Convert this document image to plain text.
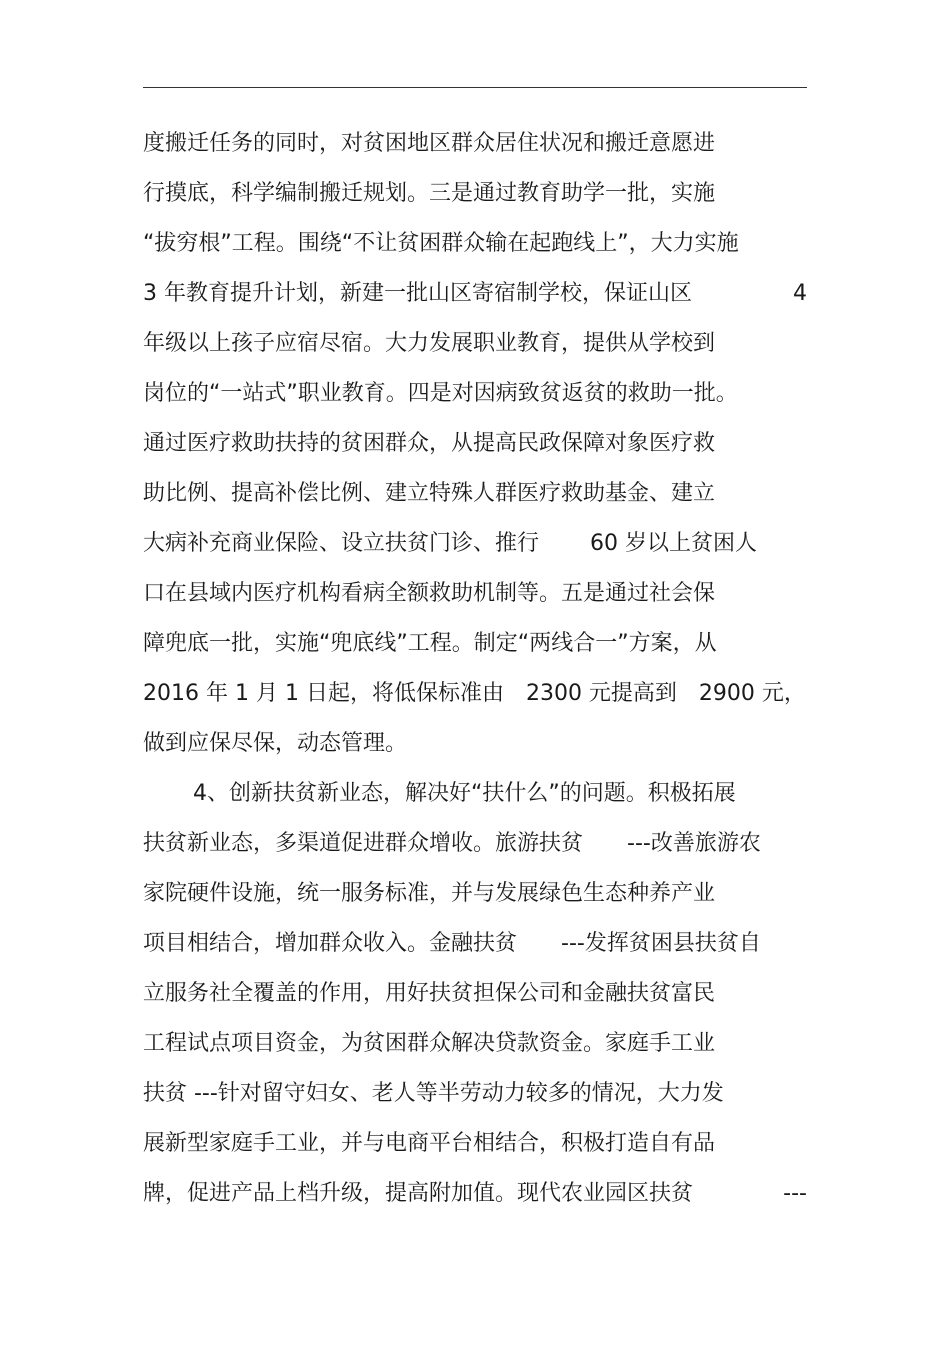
度搬迁任务的同时，对贫困地区群众居住状况和搬迁意愿进

行摸底，科学编制搬迁规划。三是通过教育助学一批，实施

“拔穷根”工程。围绕“不让贫困群众输在起跑线上”，大力实施

3 年教育提升计划，新建一批山区寄宿制学校，保证山区	4

年级以上孩子应宿尽宿。大力发展职业教育，提供从学校到

岗位的“一站式”职业教育。四是对因病致贫返贫的救助一批。

通过医疗救助扶持的贫困群众，从提高民政保障对象医疗救

助比例、提高补偿比例、建立特殊人群医疗救助基金、建立

大病补充商业保险、设立扶贫门诊、推行　　 60 岁以上贫困人

口在县域内医疗机构看病全额救助机制等。五是通过社会保

障兜底一批，实施“兜底线”工程。制定“两线合一”方案，从

2016 年 1 月 1 日起，将低保标准由　2300 元提高到　2900 元，

做到应保尽保，动态管理。

4、创新扶贫新业态，解决好“扶什么”的问题。积极拓展

扶贫新业态，多渠道促进群众增收。旅游扶贫　　---改善旅游农

家院硬件设施，统一服务标准，并与发展绿色生态种养产业

项目相结合，增加群众收入。金融扶贫　　---发挥贫困县扶贫自

立服务社全覆盖的作用，用好扶贫担保公司和金融扶贫富民

工程试点项目资金，为贫困群众解决贷款资金。家庭手工业

扶贫 ---针对留守妇女、老人等半劳动力较多的情况，大力发

展新型家庭手工业，并与电商平台相结合，积极打造自有品

牌，促进产品上档升级，提高附加值。现代农业园区扶贫	---
